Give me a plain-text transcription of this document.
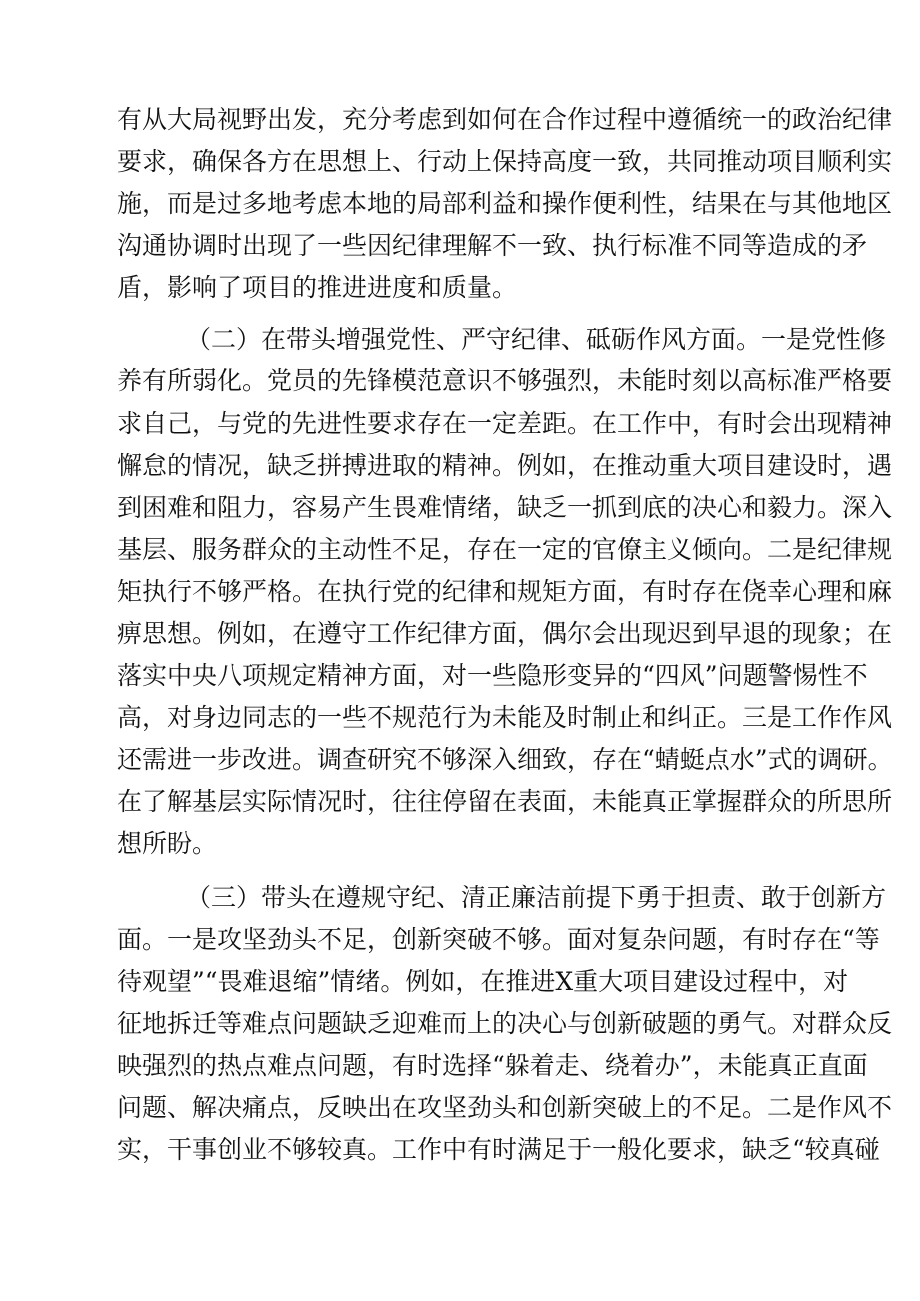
有从大局视野出发，充分考虑到如何在合作过程中遵循统一的政治纪律
要求，确保各方在思想上、行动上保持高度一致，共同推动项目顺利实
施，而是过多地考虑本地的局部利益和操作便利性，结果在与其他地区
沟通协调时出现了一些因纪律理解不一致、执行标准不同等造成的矛
盾，影响了项目的推进进度和质量。
（二）在带头增强党性、严守纪律、砥砺作风方面。一是党性修
养有所弱化。党员的先锋模范意识不够强烈，未能时刻以高标准严格要
求自己，与党的先进性要求存在一定差距。在工作中，有时会出现精神
懈怠的情况，缺乏拼搏进取的精神。例如，在推动重大项目建设时，遇
到困难和阻力，容易产生畏难情绪，缺乏一抓到底的决心和毅力。深入
基层、服务群众的主动性不足，存在一定的官僚主义倾向。二是纪律规
矩执行不够严格。在执行党的纪律和规矩方面，有时存在侥幸心理和麻
痹思想。例如，在遵守工作纪律方面，偶尔会出现迟到早退的现象；在
落实中央八项规定精神方面，对一些隐形变异的“四风”问题警惕性不
高，对身边同志的一些不规范行为未能及时制止和纠正。三是工作作风
还需进一步改进。调查研究不够深入细致，存在“蜻蜓点水”式的调研。
在了解基层实际情况时，往往停留在表面，未能真正掌握群众的所思所
想所盼。
（三）带头在遵规守纪、清正廉洁前提下勇于担责、敢于创新方
面。一是攻坚劲头不足，创新突破不够。面对复杂问题，有时存在“等
待观望”“畏难退缩”情绪。例如，在推进X重大项目建设过程中，对
征地拆迁等难点问题缺乏迎难而上的决心与创新破题的勇气。对群众反
映强烈的热点难点问题，有时选择“躲着走、绕着办”，未能真正直面
问题、解决痛点，反映出在攻坚劲头和创新突破上的不足。二是作风不
实，干事创业不够较真。工作中有时满足于一般化要求，缺乏“较真碰
